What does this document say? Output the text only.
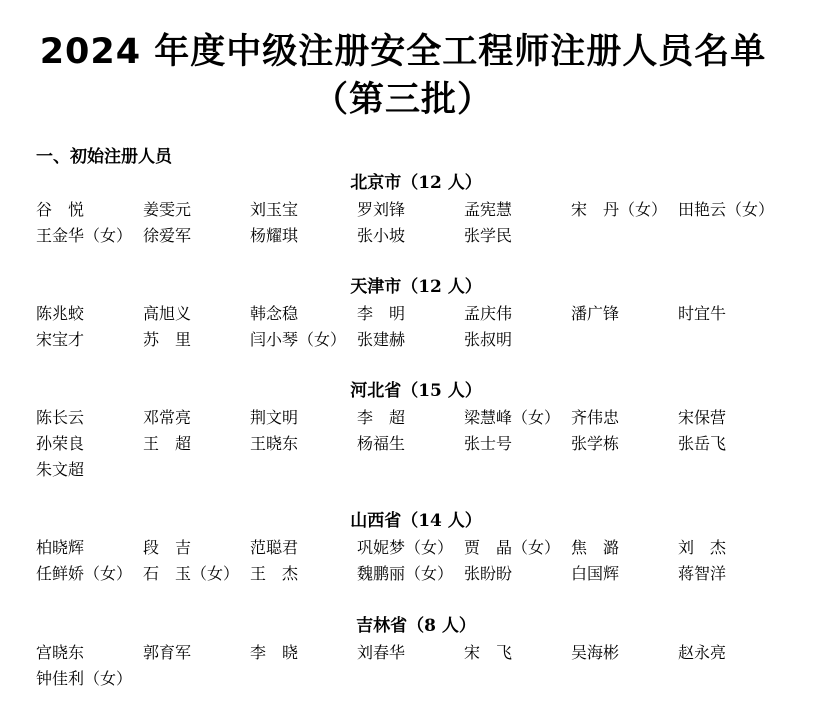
2024 年度中级注册安全工程师注册人员名单
（第三批）
一、初始注册人员
北京市（12 人）
谷　悦	姜雯元	刘玉宝	罗刘锋	孟宪慧	宋　丹（女） 田艳云（女）
王金华（女） 徐爱军	杨耀琪	张小坡	张学民
天津市（12 人）
陈兆蛟	高旭义	韩念稳	李　明	孟庆伟	潘广锋	时宜牛
宋宝才	苏　里	闫小琴（女） 张建赫	张叔明
河北省（15 人）
陈长云	邓常亮	荆文明	李　超	梁慧峰（女） 齐伟忠	宋保营
孙荣良	王　超	王晓东	杨福生	张士号	张学栋	张岳飞
朱文超
山西省（14 人）
柏晓辉	段　吉	范聪君	巩妮梦（女） 贾　晶（女） 焦　潞	刘　杰
任鲜娇（女） 石　玉（女） 王　杰	魏鹏丽（女） 张盼盼	白国辉	蒋智洋
吉林省（8 人）
宫晓东	郭育军	李　晓	刘春华	宋　飞	吴海彬	赵永亮
钟佳利（女）
